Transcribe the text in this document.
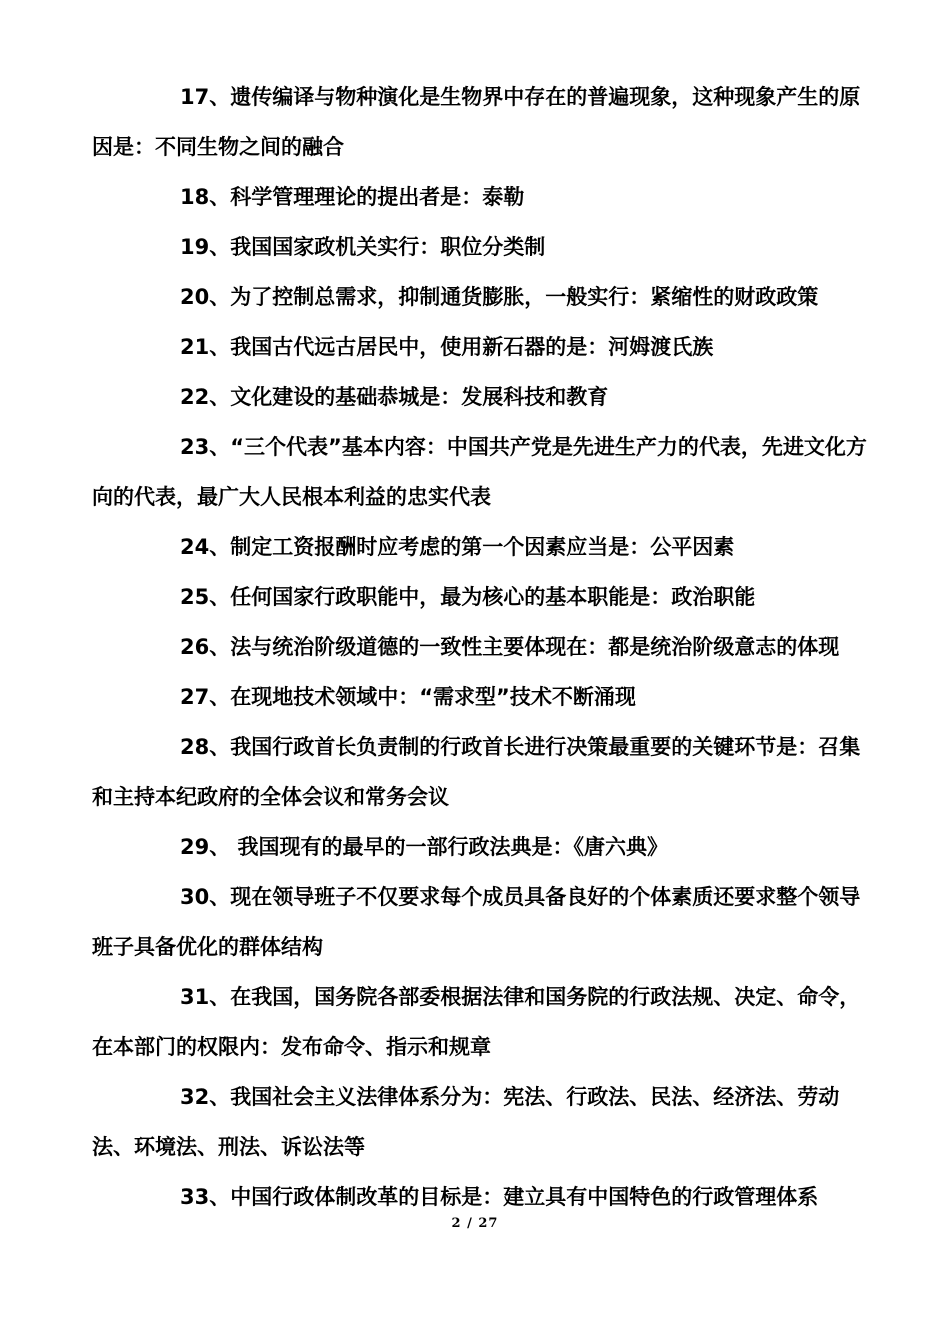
17、遗传编译与物种演化是生物界中存在的普遍现象，这种现象产生的原因是：不同生物之间的融合

18、科学管理理论的提出者是：泰勒

19、我国国家政机关实行：职位分类制

20、为了控制总需求，抑制通货膨胀，一般实行：紧缩性的财政政策

21、我国古代远古居民中，使用新石器的是：河姆渡氏族

22、文化建设的基础恭城是：发展科技和教育

23、“三个代表”基本内容：中国共产党是先进生产力的代表，先进文化方向的代表，最广大人民根本利益的忠实代表

24、制定工资报酬时应考虑的第一个因素应当是：公平因素

25、任何国家行政职能中，最为核心的基本职能是：政治职能

26、法与统治阶级道德的一致性主要体现在：都是统治阶级意志的体现

27、在现地技术领域中：“需求型”技术不断涌现

28、我国行政首长负责制的行政首长进行决策最重要的关键环节是：召集和主持本纪政府的全体会议和常务会议

29、 我国现有的最早的一部行政法典是：《唐六典》

30、现在领导班子不仅要求每个成员具备良好的个体素质还要求整个领导班子具备优化的群体结构

31、在我国，国务院各部委根据法律和国务院的行政法规、决定、命令，在本部门的权限内：发布命令、指示和规章

32、我国社会主义法律体系分为：宪法、行政法、民法、经济法、劳动法、环境法、刑法、诉讼法等

33、中国行政体制改革的目标是：建立具有中国特色的行政管理体系

2 / 27
